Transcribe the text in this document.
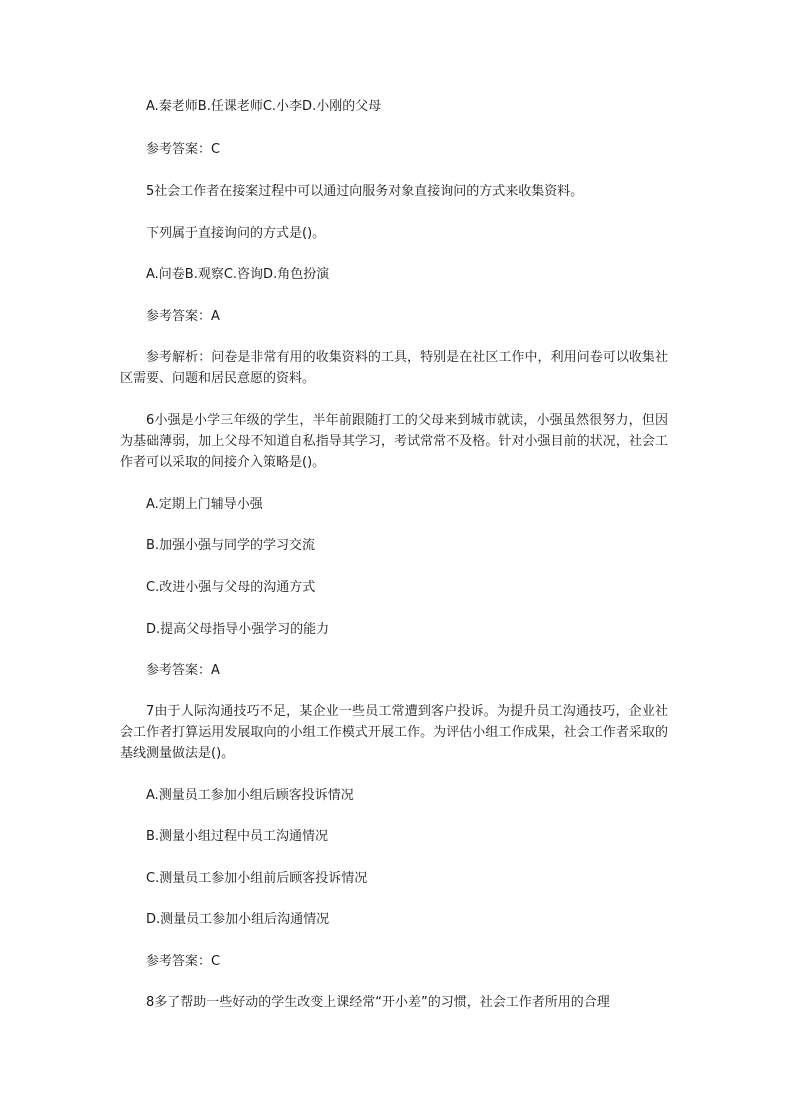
A.秦老师B.任课老师C.小李D.小刚的父母

参考答案：C

5社会工作者在接案过程中可以通过向服务对象直接询问的方式来收集资料。

下列属于直接询问的方式是()。

A.问卷B.观察C.咨询D.角色扮演

参考答案：A

参考解析：问卷是非常有用的收集资料的工具，特别是在社区工作中，利用问卷可以收集社区需要、问题和居民意愿的资料。

6小强是小学三年级的学生，半年前跟随打工的父母来到城市就读，小强虽然很努力，但因为基础薄弱，加上父母不知道自私指导其学习，考试常常不及格。针对小强目前的状况，社会工作者可以采取的间接介入策略是()。

A.定期上门辅导小强

B.加强小强与同学的学习交流

C.改进小强与父母的沟通方式

D.提高父母指导小强学习的能力

参考答案：A

7由于人际沟通技巧不足，某企业一些员工常遭到客户投诉。为提升员工沟通技巧，企业社会工作者打算运用发展取向的小组工作模式开展工作。为评估小组工作成果，社会工作者采取的基线测量做法是()。

A.测量员工参加小组后顾客投诉情况

B.测量小组过程中员工沟通情况

C.测量员工参加小组前后顾客投诉情况

D.测量员工参加小组后沟通情况

参考答案：C

8多了帮助一些好动的学生改变上课经常“开小差”的习惯，社会工作者所用的合理
